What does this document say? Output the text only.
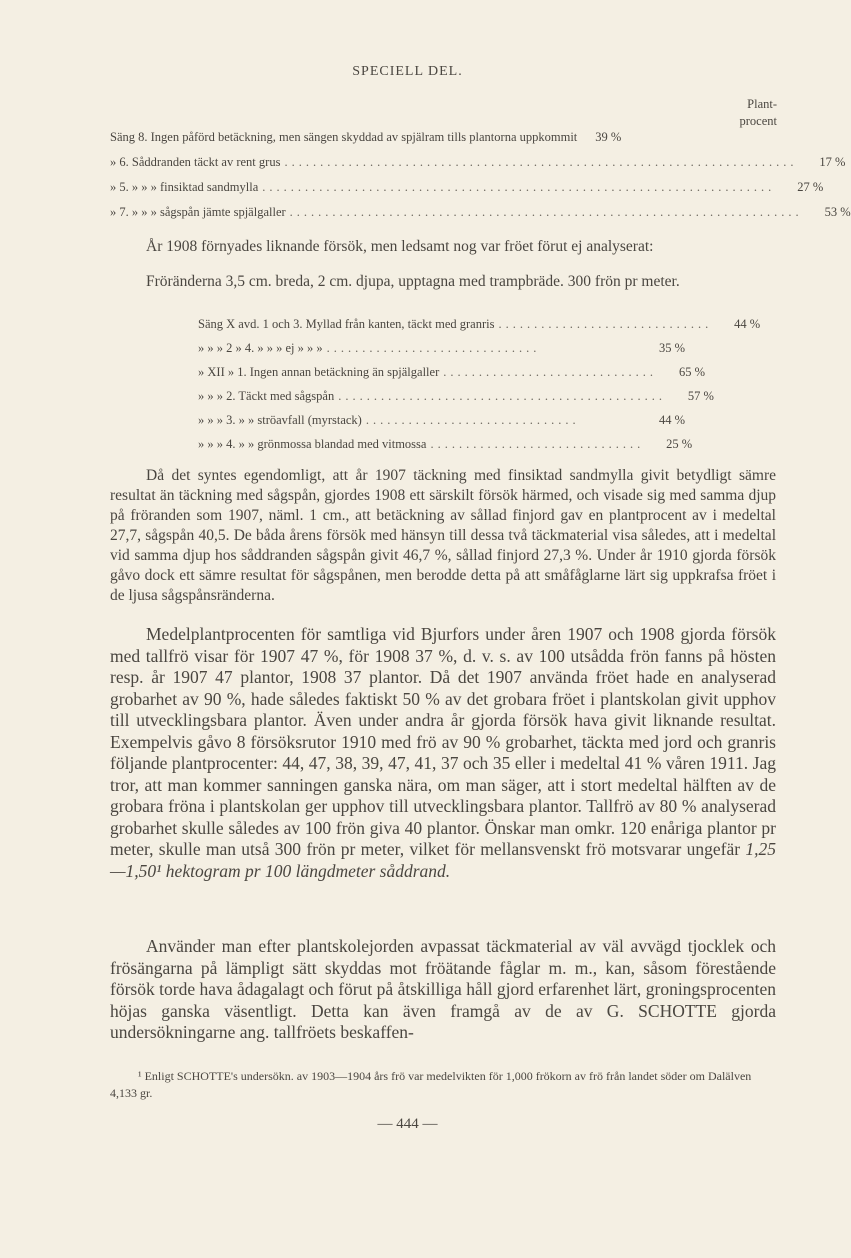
SPECIELL DEL.
Plant-
procent
Säng 8. Ingen påförd betäckning, men sängen skyddad av spjälram tills plantorna uppkommit	39 %
» 6. Såddranden täckt av rent grus ........................................................................	17 %
» 5. » » » finsiktad sandmylla ........................................................................	27 %
» 7. » » » sågspån jämte spjälgaller ........................................................................	53 %

År 1908 förnyades liknande försök, men ledsamt nog var fröet förut ej analyserat:

Fröränderna 3,5 cm. breda, 2 cm. djupa, upptagna med trampbräde. 300 frön pr meter.

Säng X avd. 1 och 3. Myllad från kanten, täckt med granris ..............................	44 %
» » » 2 » 4. » » » ej » » » ..............................	35 %
» XII » 1. Ingen annan betäckning än spjälgaller ..............................	65 %
» » » 2. Täckt med sågspån ..............................................	57 %
» » » 3. » » ströavfall (myrstack) ..............................	44 %
» » » 4. » » grönmossa blandad med vitmossa ..............................	25 %

Då det syntes egendomligt, att år 1907 täckning med finsiktad sandmylla givit betydligt sämre resultat än täckning med sågspån, gjordes 1908 ett särskilt försök härmed, och visade sig med samma djup på fröranden som 1907, näml. 1 cm., att betäckning av sållad finjord gav en plantprocent av i medeltal 27,7, sågspån 40,5. De båda årens försök med hänsyn till dessa två täckmaterial visa således, att i medeltal vid samma djup hos såddranden sågspån givit 46,7 %, sållad finjord 27,3 %. Under år 1910 gjorda försök gåvo dock ett sämre resultat för sågspånen, men berodde detta på att småfåglarne lärt sig uppkrafsa fröet i de ljusa sågspånsränderna.

Medelplantprocenten för samtliga vid Bjurfors under åren 1907 och 1908 gjorda försök med tallfrö visar för 1907 47 %, för 1908 37 %, d. v. s. av 100 utsådda frön fanns på hösten resp. år 1907 47 plantor, 1908 37 plantor. Då det 1907 använda fröet hade en analyserad grobarhet av 90 %, hade således faktiskt 50 % av det grobara fröet i plantskolan givit upphov till utvecklingsbara plantor. Även under andra år gjorda försök hava givit liknande resultat. Exempelvis gåvo 8 försöksrutor 1910 med frö av 90 % grobarhet, täckta med jord och granris följande plantprocenter: 44, 47, 38, 39, 47, 41, 37 och 35 eller i medeltal 41 % våren 1911. Jag tror, att man kommer sanningen ganska nära, om man säger, att i stort medeltal hälften av de grobara fröna i plantskolan ger upphov till utvecklingsbara plantor. Tallfrö av 80 % analyserad grobarhet skulle således av 100 frön giva 40 plantor. Önskar man omkr. 120 enåriga plantor pr meter, skulle man utså 300 frön pr meter, vilket för mellansvenskt frö motsvarar ungefär 1,25—1,50¹ hektogram pr 100 längdmeter såddrand.

Använder man efter plantskolejorden avpassat täckmaterial av väl avvägd tjocklek och frösängarna på lämpligt sätt skyddas mot fröätande fåglar m. m., kan, såsom förestående försök torde hava ådagalagt och förut på åtskilliga håll gjord erfarenhet lärt, groningsprocenten höjas ganska väsentligt. Detta kan även framgå av de av G. SCHOTTE gjorda undersökningarne ang. tallfröets beskaffen-

¹ Enligt SCHOTTE's undersökn. av 1903—1904 års frö var medelvikten för 1,000 frökorn av frö från landet söder om Dalälven 4,133 gr.

— 444 —
